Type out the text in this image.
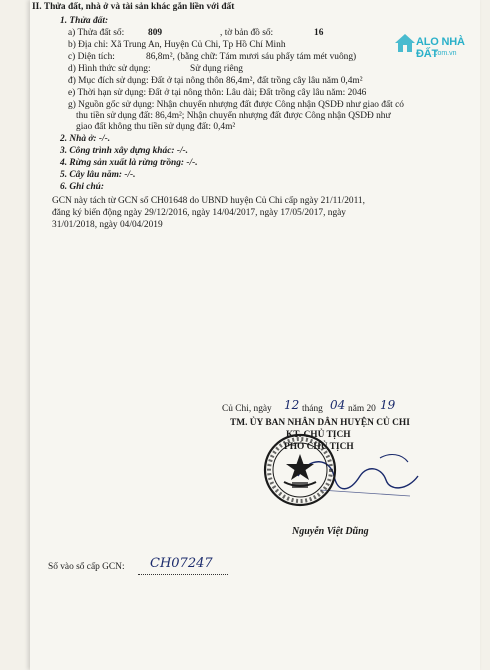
II. Thửa đất, nhà ở và tài sản khác gắn liền với đất
1. Thửa đất:
a) Thửa đất số:	809	, tờ bản đồ số:	16
b) Địa chỉ: Xã Trung An, Huyện Củ Chi, Tp Hồ Chí Minh
c) Diện tích:	86,8m², (bằng chữ: Tám mươi sáu phẩy tám mét vuông)
d) Hình thức sử dụng:	Sử dụng riêng
đ) Mục đích sử dụng: Đất ở tại nông thôn 86,4m², đất trồng cây lâu năm 0,4m²
e) Thời hạn sử dụng: Đất ở tại nông thôn: Lâu dài; Đất trồng cây lâu năm: 2046
g) Nguồn gốc sử dụng: Nhận chuyển nhượng đất được Công nhận QSDĐ như giao đất có
thu tiền sử dụng đất: 86,4m²; Nhận chuyển nhượng đất được Công nhận QSDĐ như
giao đất không thu tiền sử dụng đất: 0,4m²
2. Nhà ở: -/-.
3. Công trình xây dựng khác: -/-.
4. Rừng sản xuất là rừng trồng: -/-.
5. Cây lâu năm: -/-.
6. Ghi chú:
GCN này tách từ GCN số CH01648 do UBND huyện Củ Chi cấp ngày 21/11/2011,
đăng ký biến động ngày 29/12/2016, ngày 14/04/2017, ngày 17/05/2017, ngày
31/01/2018, ngày 04/04/2019
Củ Chi, ngày 12 tháng 04 năm 20 19
TM. ỦY BAN NHÂN DÂN HUYỆN CỦ CHI
KT. CHỦ TỊCH
PHÓ CHỦ TỊCH
Nguyễn Việt Dũng
Số vào sổ cấp GCN: CH07247
ALO NHÀ ĐẤT
.com.vn
